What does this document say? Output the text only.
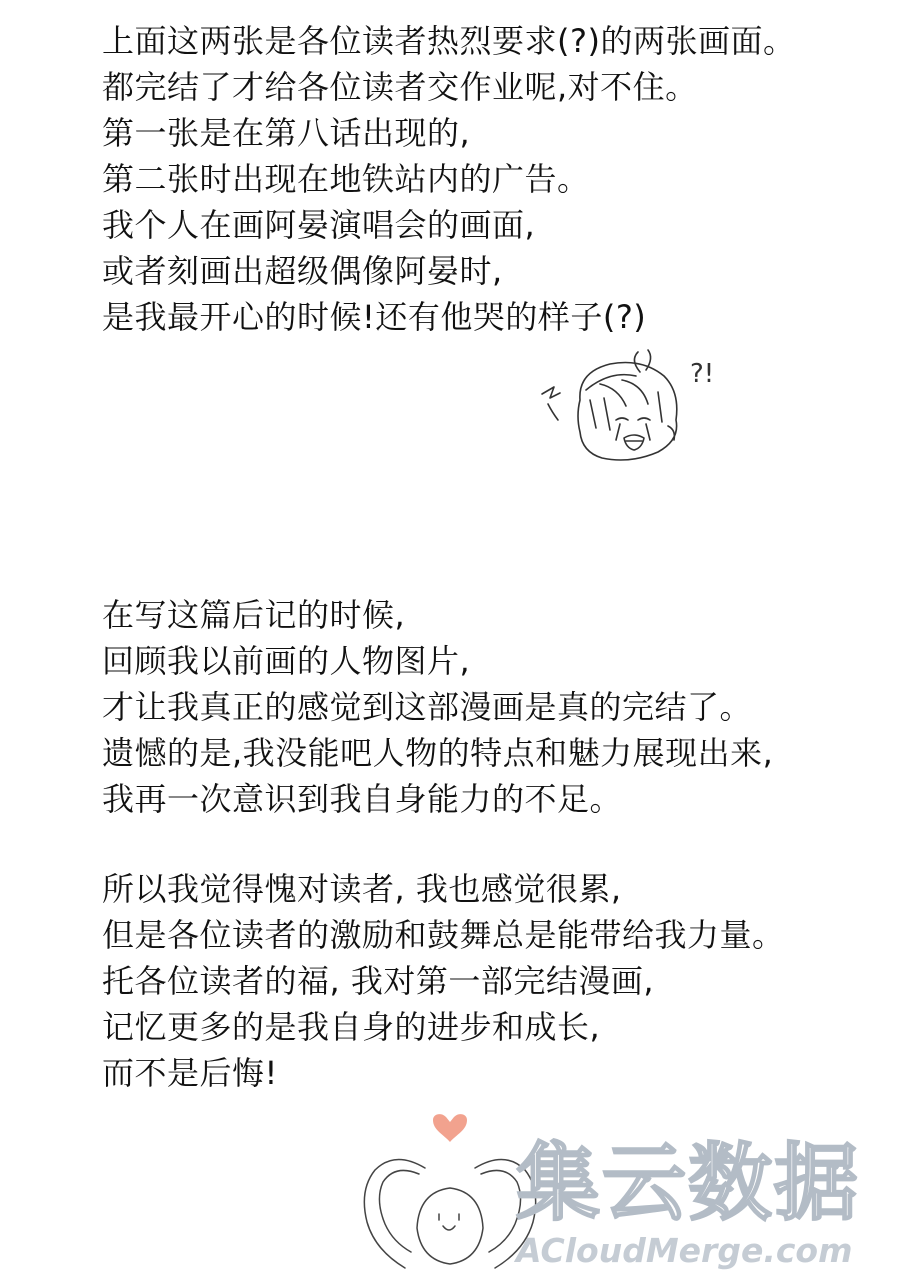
上面这两张是各位读者热烈要求(?)的两张画面。
都完结了才给各位读者交作业呢,对不住。
第一张是在第八话出现的,
第二张时出现在地铁站内的广告。
我个人在画阿晏演唱会的画面,
或者刻画出超级偶像阿晏时,
是我最开心的时候!还有他哭的样子(?)
?!
在写这篇后记的时候,
回顾我以前画的人物图片,
才让我真正的感觉到这部漫画是真的完结了。
遗憾的是,我没能吧人物的特点和魅力展现出来,
我再一次意识到我自身能力的不足。
所以我觉得愧对读者, 我也感觉很累,
但是各位读者的激励和鼓舞总是能带给我力量。
托各位读者的福, 我对第一部完结漫画,
记忆更多的是我自身的进步和成长,
而不是后悔!
集云数据
ACloudMerge.com
